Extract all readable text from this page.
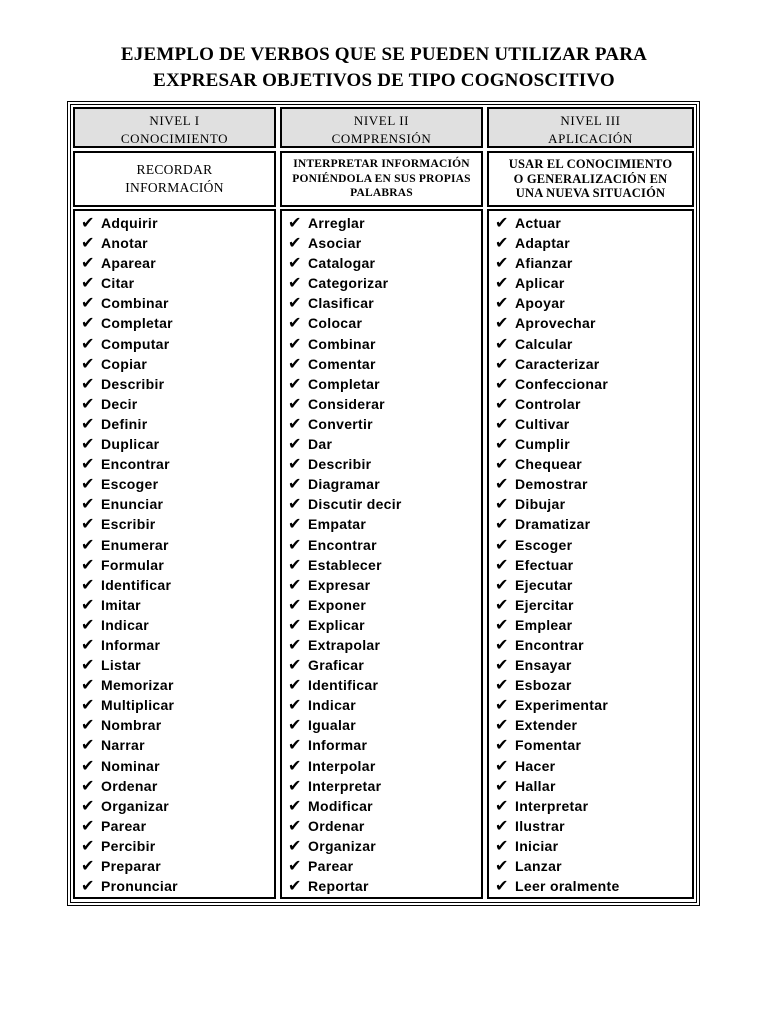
EJEMPLO DE VERBOS QUE SE PUEDEN UTILIZAR PARA
EXPRESAR OBJETIVOS DE TIPO COGNOSCITIVO
NIVEL I
CONOCIMIENTO
RECORDAR
INFORMACIÓN
✔ Adquirir
✔ Anotar
✔ Aparear
✔ Citar
✔ Combinar
✔ Completar
✔ Computar
✔ Copiar
✔ Describir
✔ Decir
✔ Definir
✔ Duplicar
✔ Encontrar
✔ Escoger
✔ Enunciar
✔ Escribir
✔ Enumerar
✔ Formular
✔ Identificar
✔ Imitar
✔ Indicar
✔ Informar
✔ Listar
✔ Memorizar
✔ Multiplicar
✔ Nombrar
✔ Narrar
✔ Nominar
✔ Ordenar
✔ Organizar
✔ Parear
✔ Percibir
✔ Preparar
✔ Pronunciar
NIVEL II
COMPRENSIÓN
INTERPRETAR INFORMACIÓN
PONIÉNDOLA EN SUS PROPIAS
PALABRAS
✔ Arreglar
✔ Asociar
✔ Catalogar
✔ Categorizar
✔ Clasificar
✔ Colocar
✔ Combinar
✔ Comentar
✔ Completar
✔ Considerar
✔ Convertir
✔ Dar
✔ Describir
✔ Diagramar
✔ Discutir decir
✔ Empatar
✔ Encontrar
✔ Establecer
✔ Expresar
✔ Exponer
✔ Explicar
✔ Extrapolar
✔ Graficar
✔ Identificar
✔ Indicar
✔ Igualar
✔ Informar
✔ Interpolar
✔ Interpretar
✔ Modificar
✔ Ordenar
✔ Organizar
✔ Parear
✔ Reportar
NIVEL III
APLICACIÓN
USAR EL CONOCIMIENTO
O GENERALIZACIÓN EN
UNA NUEVA SITUACIÓN
✔ Actuar
✔ Adaptar
✔ Afianzar
✔ Aplicar
✔ Apoyar
✔ Aprovechar
✔ Calcular
✔ Caracterizar
✔ Confeccionar
✔ Controlar
✔ Cultivar
✔ Cumplir
✔ Chequear
✔ Demostrar
✔ Dibujar
✔ Dramatizar
✔ Escoger
✔ Efectuar
✔ Ejecutar
✔ Ejercitar
✔ Emplear
✔ Encontrar
✔ Ensayar
✔ Esbozar
✔ Experimentar
✔ Extender
✔ Fomentar
✔ Hacer
✔ Hallar
✔ Interpretar
✔ Ilustrar
✔ Iniciar
✔ Lanzar
✔ Leer oralmente
